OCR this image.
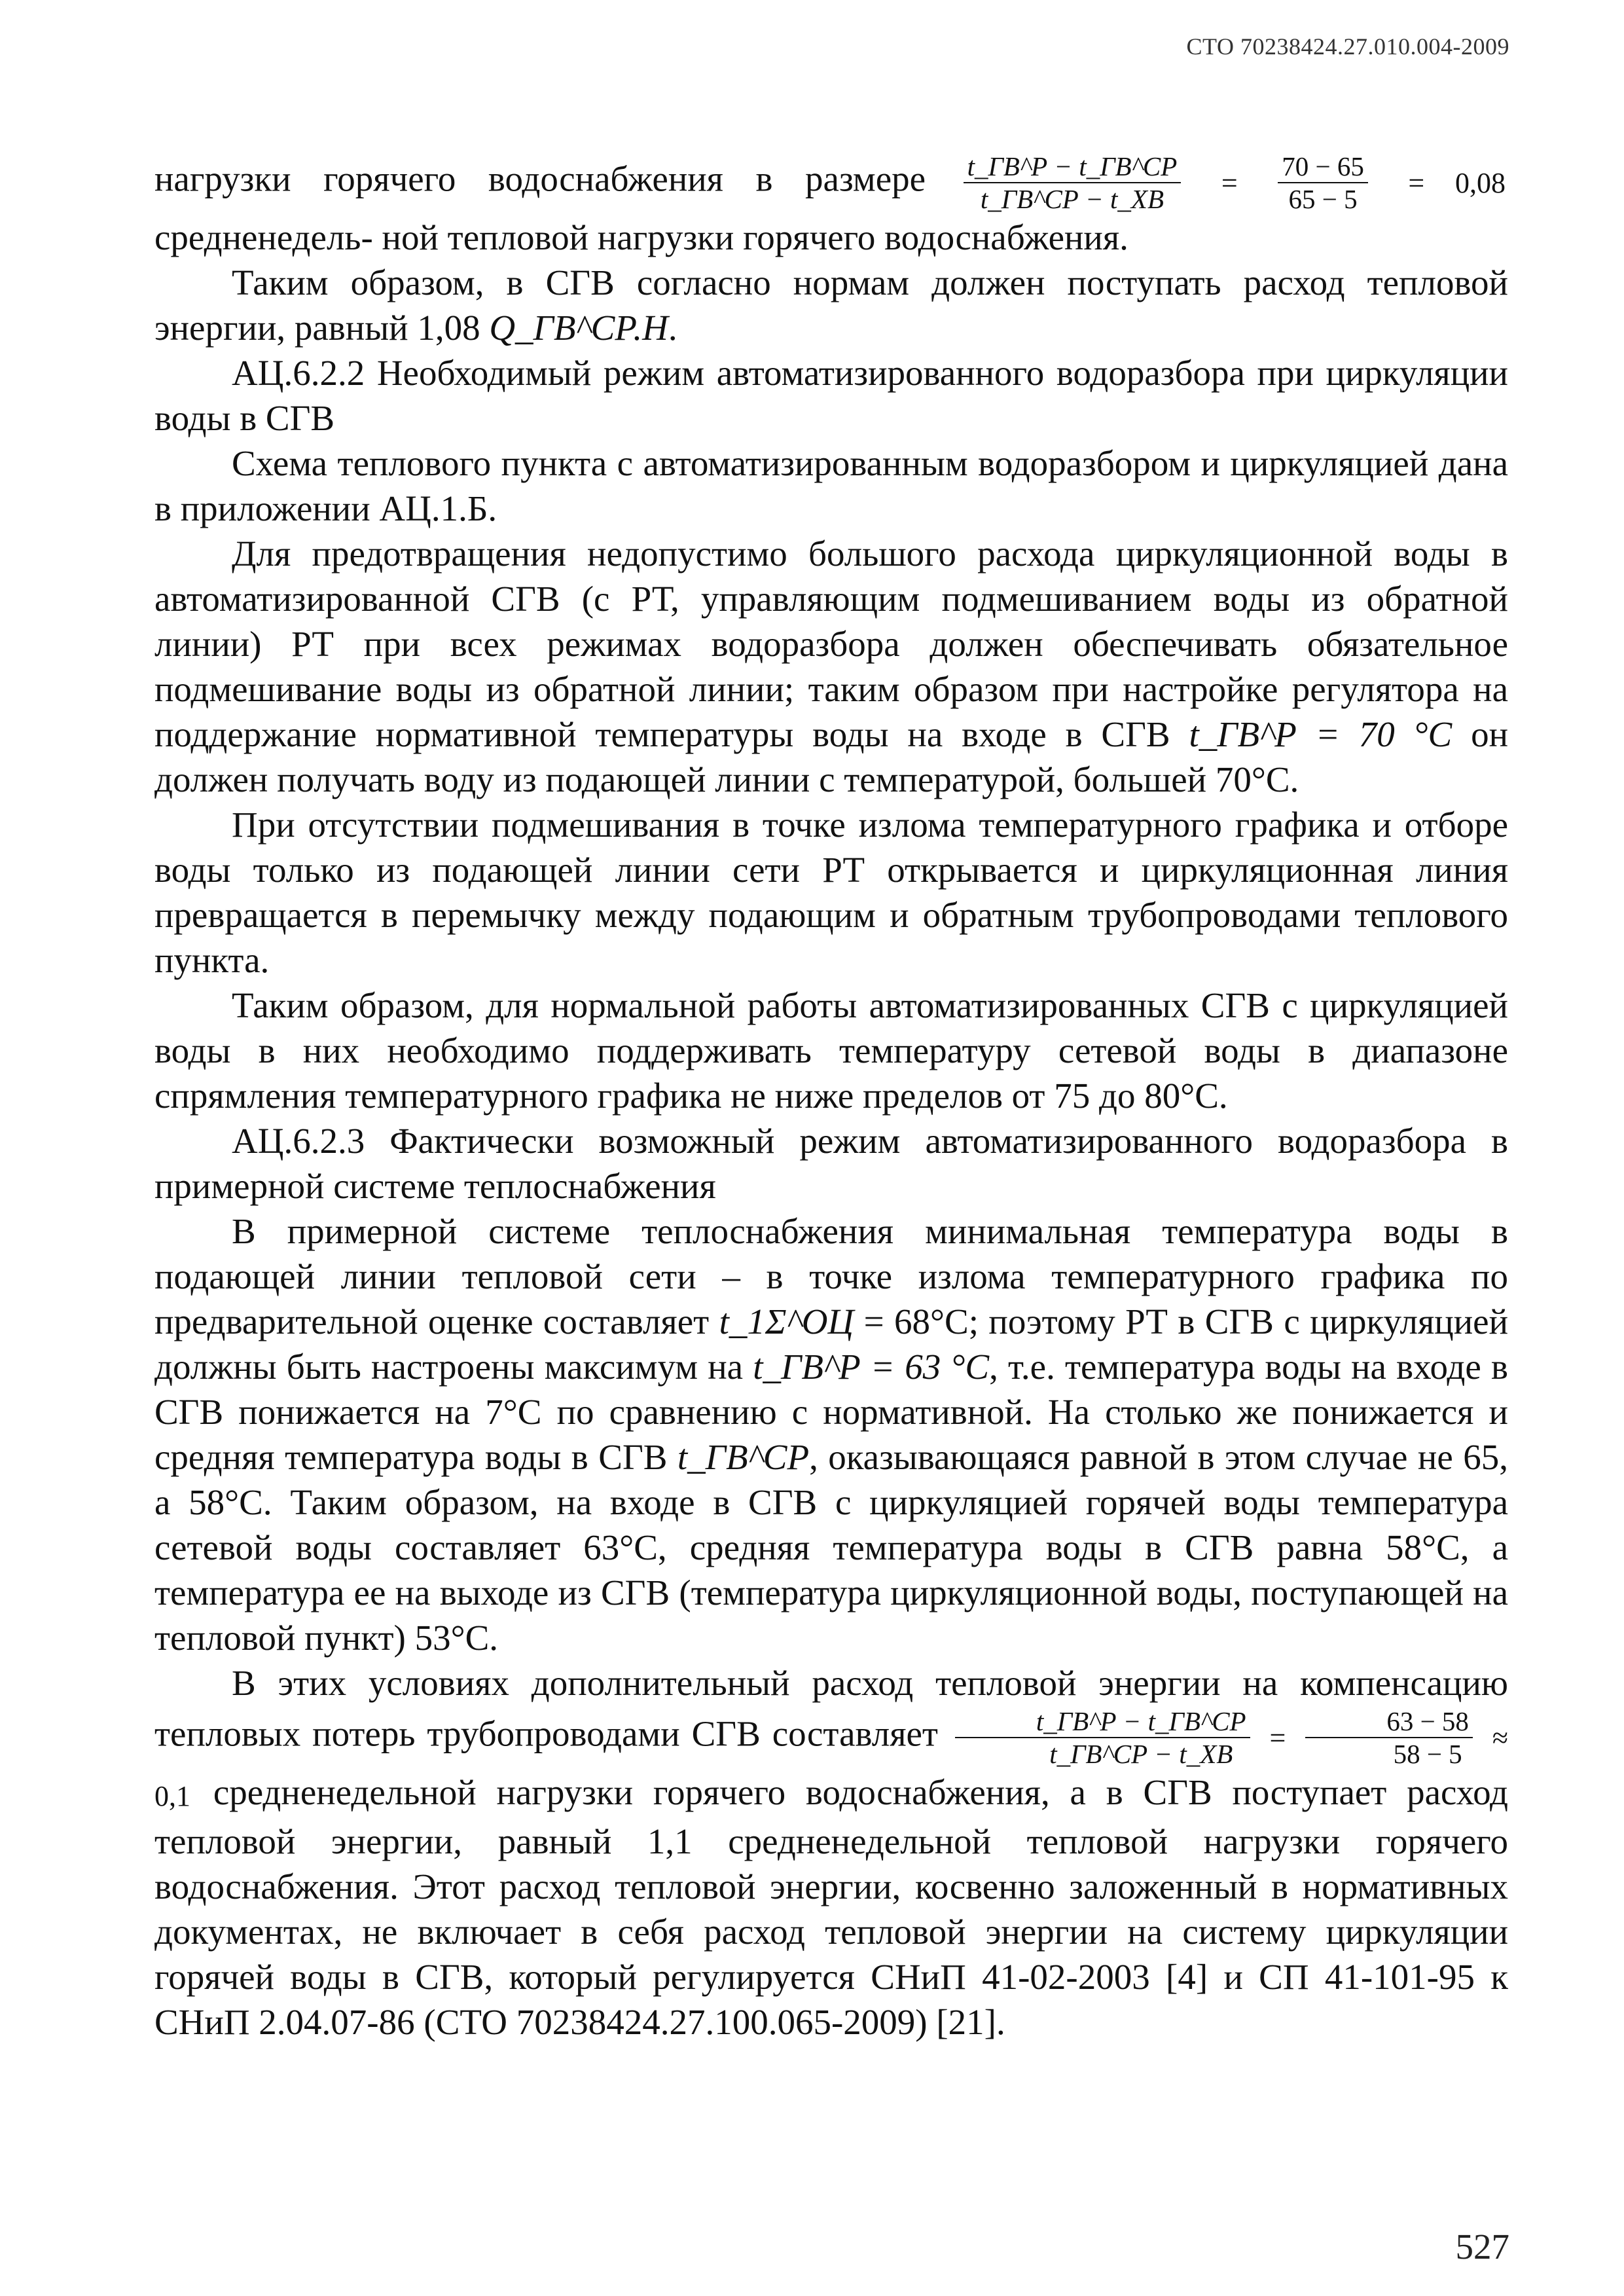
СТО 70238424.27.010.004-2009

нагрузки горячего водоснабжения в размере $\frac{t\_ГВ\^{}Р - t\_ГВ\^{}СР}{t\_ГВ\^{}СР - t\_ХВ} = \frac{70 - 65}{65 - 5} = 0,08$ средненедель- ной тепловой нагрузки горячего водоснабжения.

Таким образом, в СГВ согласно нормам должен поступать расход тепловой энергии, равный 1,08 Q_ГВ^СР.Н.

АЦ.6.2.2 Необходимый режим автоматизированного водоразбора при циркуляции воды в СГВ

Схема теплового пункта с автоматизированным водоразбором и циркуляцией дана в приложении АЦ.1.Б.

Для предотвращения недопустимо большого расхода циркуляционной воды в автоматизированной СГВ (с РТ, управляющим подмешиванием воды из обратной линии) РТ при всех режимах водоразбора должен обеспечивать обязательное подмешивание воды из обратной линии; таким образом при настройке регулятора на поддержание нормативной температуры воды на входе в СГВ t_ГВ^Р = 70 °С он должен получать воду из подающей линии с температурой, большей 70°С.

При отсутствии подмешивания в точке излома температурного графика и отборе воды только из подающей линии сети РТ открывается и циркуляционная линия превращается в перемычку между подающим и обратным трубопроводами теплового пункта.

Таким образом, для нормальной работы автоматизированных СГВ с циркуляцией воды в них необходимо поддерживать температуру сетевой воды в диапазоне спрямления температурного графика не ниже пределов от 75 до 80°С.

АЦ.6.2.3 Фактически возможный режим автоматизированного водоразбора в примерной системе теплоснабжения

В примерной системе теплоснабжения минимальная температура воды в подающей линии тепловой сети – в точке излома температурного графика по предварительной оценке составляет t_1Σ^ОЦ = 68°С; поэтому РТ в СГВ с циркуляцией должны быть настроены максимум на t_ГВ^Р = 63 °С, т.е. температура воды на входе в СГВ понижается на 7°С по сравнению с нормативной. На столько же понижается и средняя температура воды в СГВ t_ГВ^СР, оказывающаяся равной в этом случае не 65, а 58°С. Таким образом, на входе в СГВ с циркуляцией горячей воды температура сетевой воды составляет 63°С, средняя температура воды в СГВ равна 58°С, а температура ее на выходе из СГВ (температура циркуляционной воды, поступающей на тепловой пункт) 53°С.

В этих условиях дополнительный расход тепловой энергии на компенсацию тепловых потерь трубопроводами СГВ составляет $\frac{t\_ГВ\^{}Р - t\_ГВ\^{}СР}{t\_ГВ\^{}СР - t\_ХВ} = \frac{63 - 58}{58 - 5} \approx 0,1$ средненедельной нагрузки горячего водоснабжения, а в СГВ поступает расход тепловой энергии, равный 1,1 средненедельной тепловой нагрузки горячего водоснабжения. Этот расход тепловой энергии, косвенно заложенный в нормативных документах, не включает в себя расход тепловой энергии на систему циркуляции горячей воды в СГВ, который регулируется СНиП 41-02-2003 [4] и СП 41-101-95 к СНиП 2.04.07-86 (СТО 70238424.27.100.065-2009) [21].

527
